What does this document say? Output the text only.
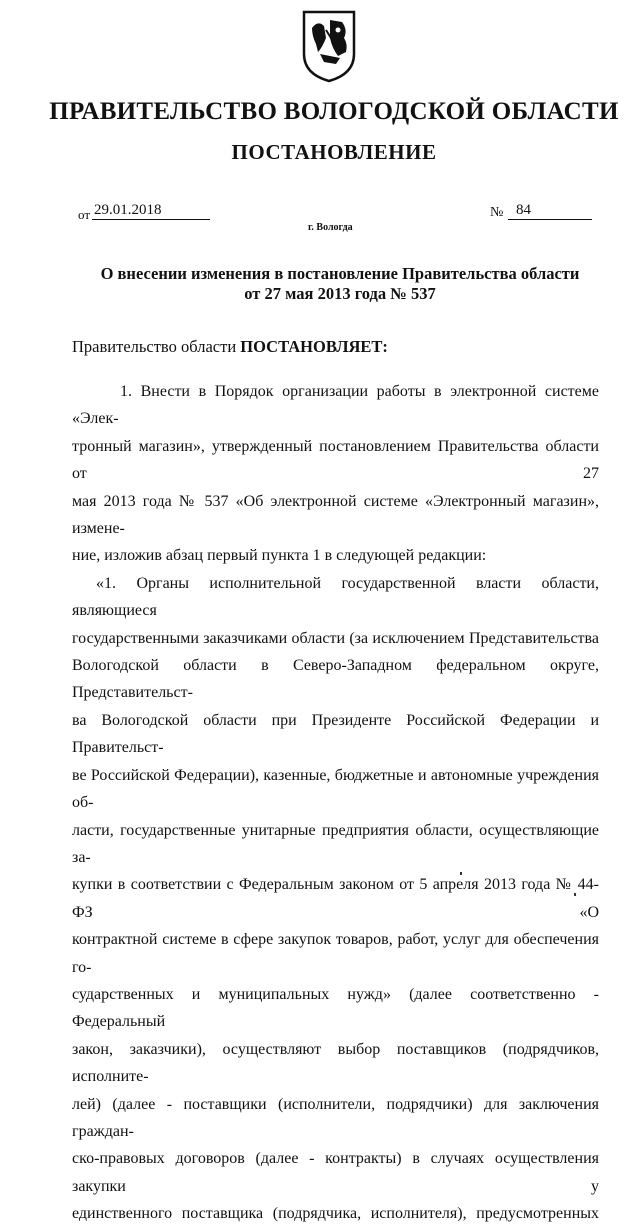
ПРАВИТЕЛЬСТВО ВОЛОГОДСКОЙ ОБЛАСТИ
ПОСТАНОВЛЕНИЕ
от 29.01.2018	№ 84
г. Вологда
О внесении изменения в постановление Правительства области
от 27 мая 2013 года № 537
Правительство области ПОСТАНОВЛЯЕТ:
1. Внести в Порядок организации работы в электронной системе «Элек-
тронный магазин», утвержденный постановлением Правительства области от 27
мая 2013 года № 537 «Об электронной системе «Электронный магазин», измене-
ние, изложив абзац первый пункта 1 в следующей редакции:
«1. Органы исполнительной государственной власти области, являющиеся
государственными заказчиками области (за исключением Представительства
Вологодской области в Северо-Западном федеральном округе, Представительст-
ва Вологодской области при Президенте Российской Федерации и Правительст-
ве Российской Федерации), казенные, бюджетные и автономные учреждения об-
ласти, государственные унитарные предприятия области, осуществляющие за-
купки в соответствии с Федеральным законом от 5 апреля 2013 года № 44-ФЗ «О
контрактной системе в сфере закупок товаров, работ, услуг для обеспечения го-
сударственных и муниципальных нужд» (далее соответственно - Федеральный
закон, заказчики), осуществляют выбор поставщиков (подрядчиков, исполните-
лей) (далее - поставщики (исполнители, подрядчики) для заключения граждан-
ско-правовых договоров (далее - контракты) в случаях осуществления закупки у
единственного поставщика (подрядчика, исполнителя), предусмотренных
